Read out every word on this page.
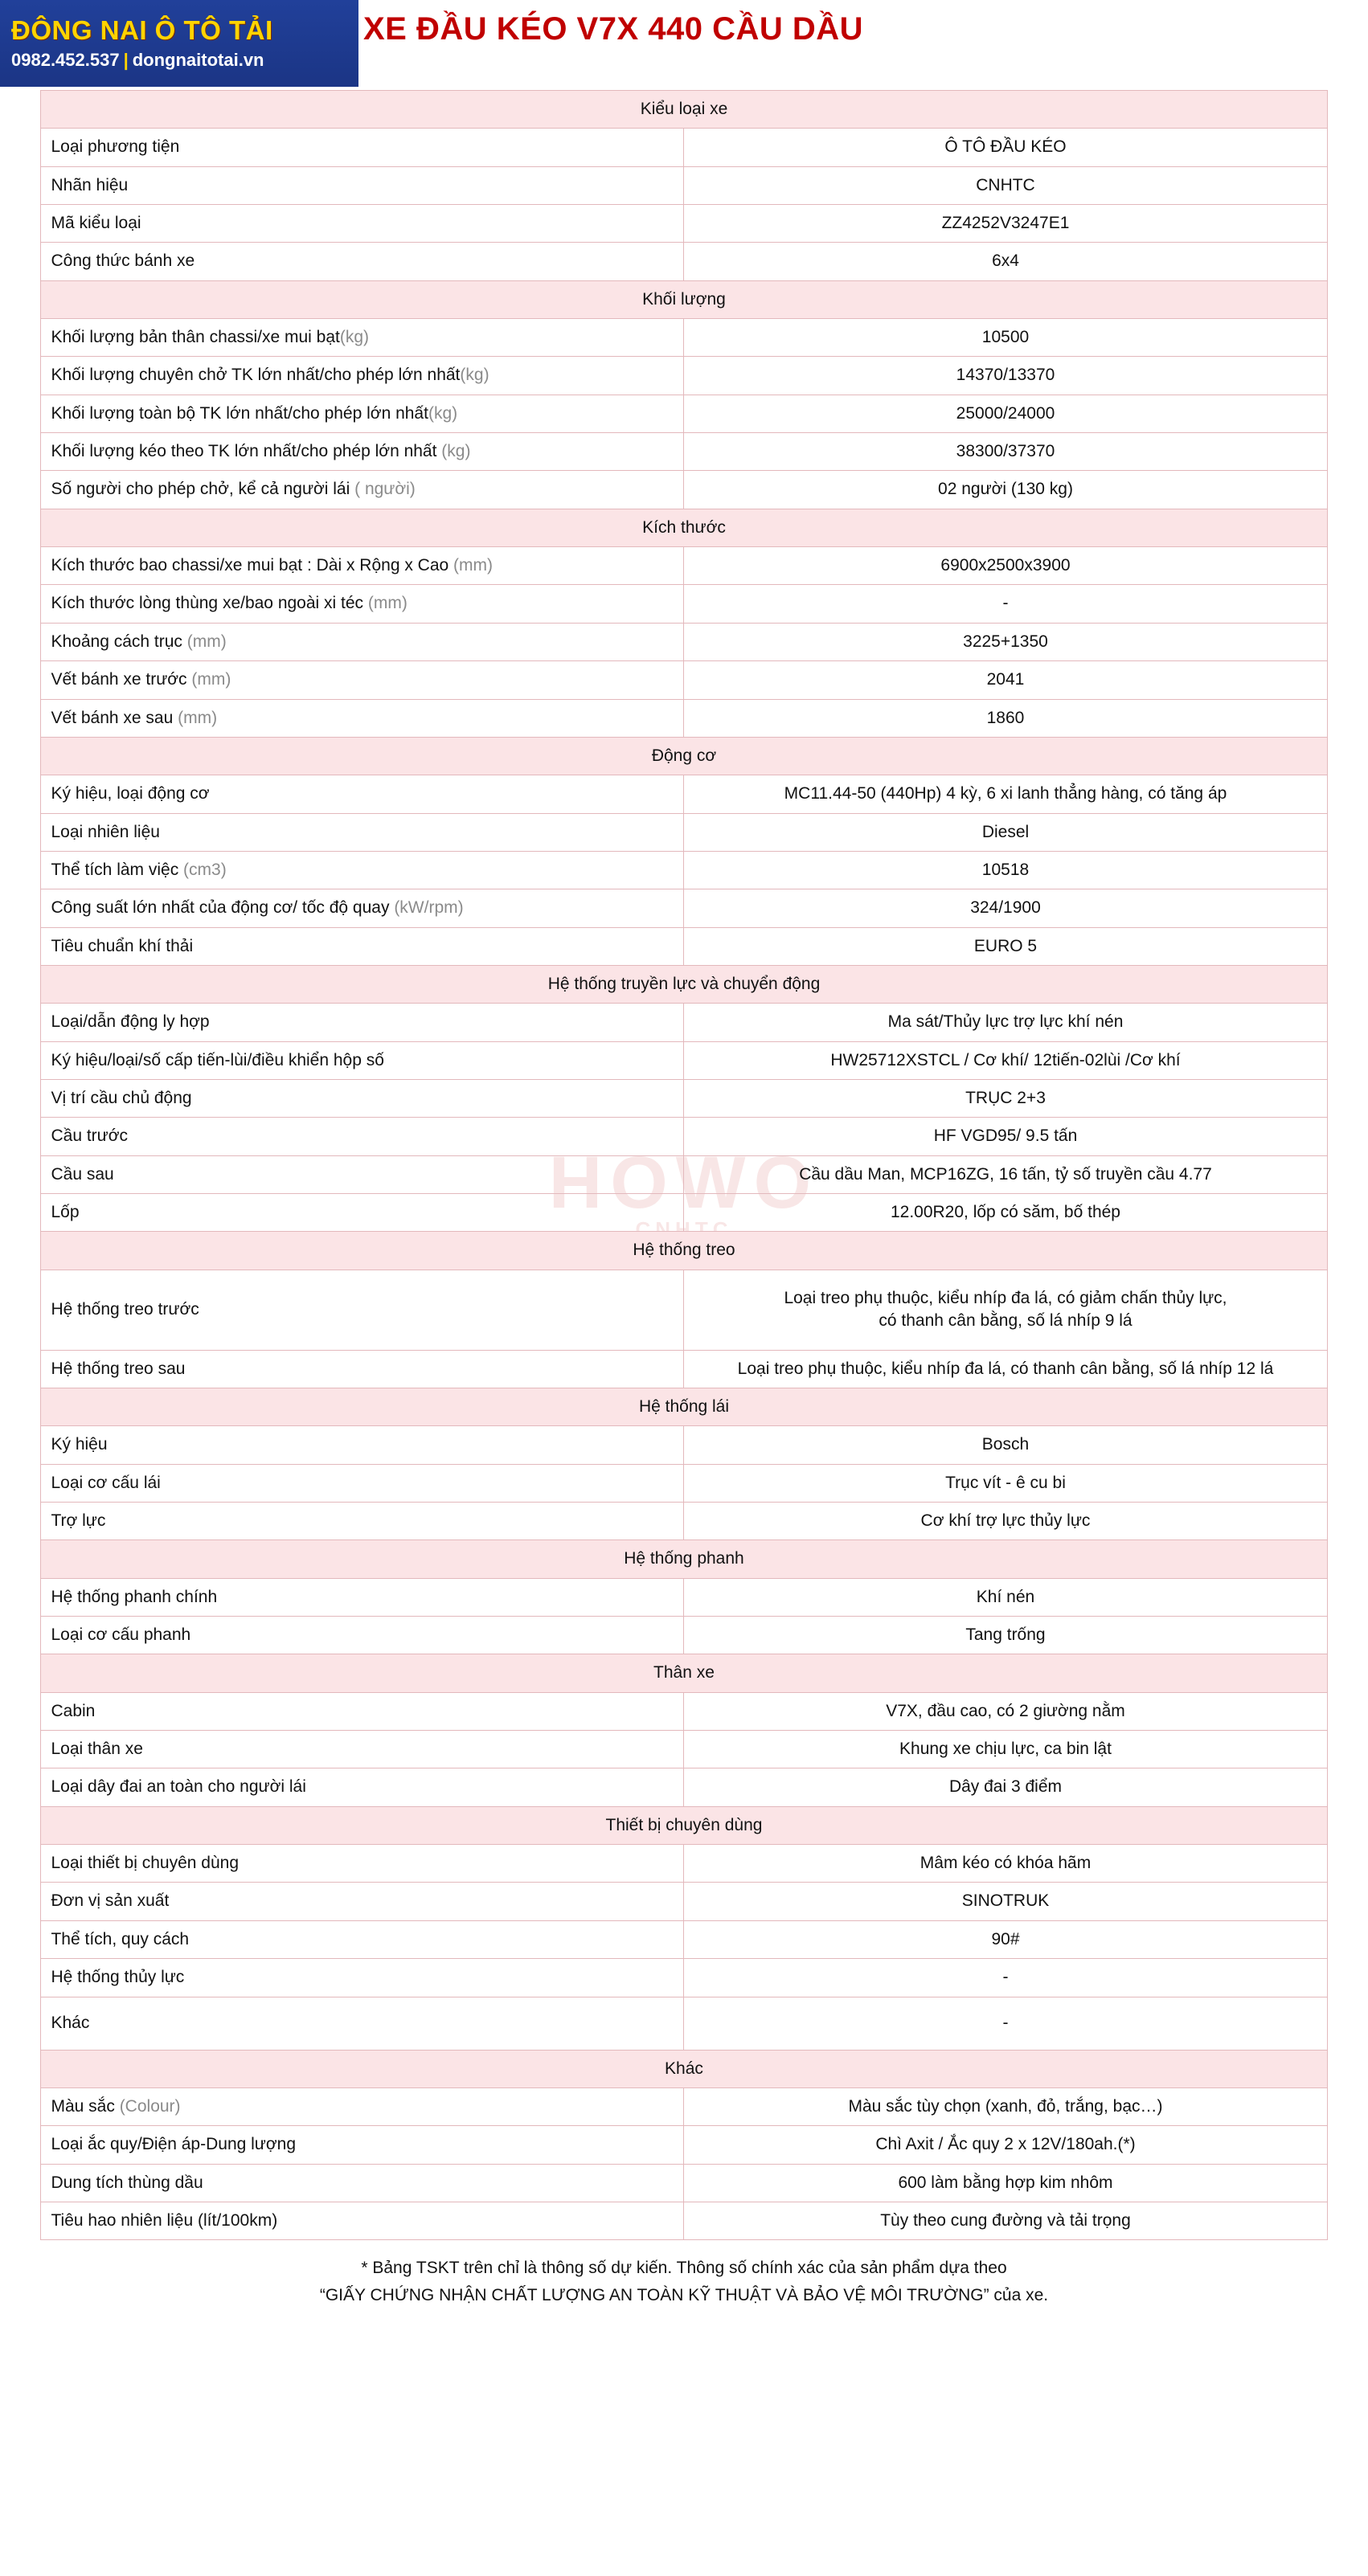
ĐÔNG NAI Ô TÔ TẢI
0982.452.537 | dongnaitotai.vn
XE ĐẦU KÉO V7X 440 CẦU DẦU
HOWO
CNHTC
Kiểu loại xe	
Loại phương tiện	Ô TÔ ĐẦU KÉO
Nhãn hiệu	CNHTC
Mã kiểu loại	ZZ4252V3247E1
Công thức bánh xe	6x4
Khối lượng	
Khối lượng bản thân chassi/xe mui bạt(kg)	10500
Khối lượng chuyên chở TK lớn nhất/cho phép lớn nhất(kg)	14370/13370
Khối lượng toàn bộ TK lớn nhất/cho phép lớn nhất(kg)	25000/24000
Khối lượng kéo theo TK lớn nhất/cho phép lớn nhất (kg)	38300/37370
Số người cho phép chở, kể cả người lái ( người)	02 người (130 kg)
Kích thước	
Kích thước bao chassi/xe mui bạt : Dài x Rộng x Cao (mm)	6900x2500x3900
Kích thước lòng thùng xe/bao ngoài xi téc (mm)	-
Khoảng cách trục (mm)	3225+1350
Vết bánh xe trước (mm)	2041
Vết bánh xe sau (mm)	1860
Động cơ	
Ký hiệu, loại động cơ	MC11.44-50 (440Hp) 4 kỳ, 6 xi lanh thẳng hàng, có tăng áp
Loại nhiên liệu	Diesel
Thể tích làm việc (cm3)	10518
Công suất lớn nhất của động cơ/ tốc độ quay (kW/rpm)	324/1900
Tiêu chuẩn khí thải	EURO 5
Hệ thống truyền lực và chuyển động	
Loại/dẫn động ly hợp	Ma sát/Thủy lực trợ lực khí nén
Ký hiệu/loại/số cấp tiến-lùi/điều khiển hộp số	HW25712XSTCL / Cơ khí/ 12tiến-02lùi /Cơ khí
Vị trí cầu chủ động	TRỤC 2+3
Cầu trước	HF VGD95/ 9.5 tấn
Cầu sau	Cầu dầu Man, MCP16ZG, 16 tấn, tỷ số truyền cầu 4.77
Lốp	12.00R20, lốp có săm, bố thép
Hệ thống treo	
Hệ thống treo trước	Loại treo phụ thuộc, kiểu nhíp đa lá, có giảm chấn thủy lực,
có thanh cân bằng, số lá nhíp 9 lá

Hệ thống treo sau	Loại treo phụ thuộc, kiểu nhíp đa lá, có thanh cân bằng, số lá nhíp 12 lá
Hệ thống lái	
Ký hiệu	Bosch
Loại cơ cấu lái	Trục vít - ê cu bi
Trợ lực	Cơ khí trợ lực thủy lực
Hệ thống phanh	
Hệ thống phanh chính	Khí nén
Loại cơ cấu phanh	Tang trống
Thân xe	
Cabin	V7X, đầu cao, có 2 giường nằm
Loại thân xe	Khung xe chịu lực, ca bin lật
Loại dây đai an toàn cho người lái	Dây đai 3 điểm
Thiết bị chuyên dùng	
Loại thiết bị chuyên dùng	Mâm kéo có khóa hãm
Đơn vị sản xuất	SINOTRUK
Thể tích, quy cách	90#
Hệ thống thủy lực	-
Khác	-
Khác	
Màu sắc (Colour)	Màu sắc tùy chọn (xanh, đỏ, trắng, bạc…)
Loại ắc quy/Điện áp-Dung lượng	Chì Axit / Ắc quy 2 x 12V/180ah.(*)
Dung tích thùng dầu	600 làm bằng hợp kim nhôm
Tiêu hao nhiên liệu (lít/100km)	Tùy theo cung đường và tải trọng
* Bảng TSKT trên chỉ là thông số dự kiến. Thông số chính xác của sản phẩm dựa theo
“GIẤY CHỨNG NHẬN CHẤT LƯỢNG AN TOÀN KỸ THUẬT VÀ BẢO VỆ MÔI TRƯỜNG” của xe.
